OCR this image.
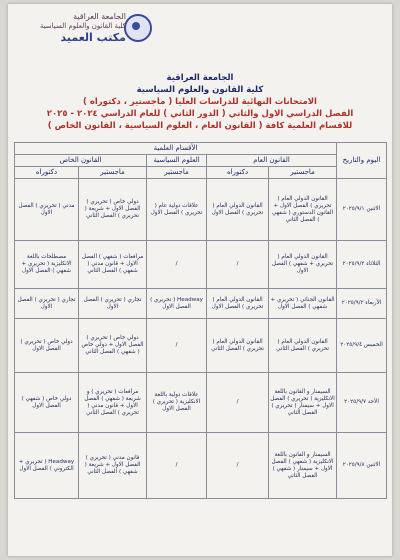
الجامعة العراقية
كلية القانون والعلوم السياسية
مكتب العميد
الجامعة العراقية
كلية القانون والعلوم السياسية
الامتحانات النهائية للدراسات العليا ( ماجستير ، دكتوراه )
الفصل الدراسي الاول والثاني ( الدور الثاني ) للعام الدراسي ٢٠٢٤ - ٢٠٢٥
للاقسام العلمية كافة ( القانون العام ، العلوم السياسية ، القانون الخاص )
اليوم والتاريخ	الأقسام العلمية				
	القانون العام		العلوم السياسية	القانون الخاص	
	ماجستير	دكتوراه	ماجستير	ماجستير	دكتوراه
الاثنين ٢٠٢٥/٩/١	القانون الدولي العام ( تحريري ) الفصل الاول + القانون الدستوري ( شفهي ) الفصل الثاني	القانون الدولي العام ( تحريري ) الفصل الاول	علاقات دولية عام ( تحريري ) الفصل الاول	دولي خاص ( تحريري ) الفصل الاول + شريعة ( تحريري ) الفصل الثاني	مدني ( تحريري ) الفصل الاول
الثلاثاء ٢٠٢٥/٩/٢	القانون الدولي العام ( تحريري + شفهي ) الفصل الاول	/	/	مرافعات ( شفهي ) الفصل الاول + قانون مدني ( شفهي ) الفصل الثاني	مصطلحات باللغة الانكليزية ( تحريري + شفهي ) الفصل الاول
الأربعاء ٢٠٢٥/٩/٣	القانون الجنائي ( تحريري + شفهي ) الفصل الاول	القانون الدولي العام ( تحريري ) الفصل الاول	Headway ( تحريري ) الفصل الاول	تجاري ( تحريري ) الفصل الاول	تجاري ( تحريري ) الفصل الاول
الخميس ٢٠٢٥/٩/٤	القانون الدولي العام ( تحريري ) الفصل الثاني	القانون الدولي العام ( تحريري ) الفصل الثاني	/	دولي خاص ( تحريري ) الفصل الاول + دولي خاص ( شفهي ) الفصل الثاني	دولي خاص ( تحريري ) الفصل الاول
الأحد ٢٠٢٥/٩/٧	السيمنار و القانون باللغة الانكليزية ( تحريري ) الفصل الاول + سيمنار ( تحريري ) الفصل الثاني	/	علاقات دولية باللغة الانكليزية ( تحريري ) الفصل الاول	مرافعات ( تحريري ) و شريعة ( شفهي ) الفصل الاول + قانون مدني ( تحريري ) الفصل الثاني	دولي خاص ( شفهي ) الفصل الاول
الاثنين ٢٠٢٥/٩/٨	السيمنار و القانون باللغة الانكليزية ( شفهي ) الفصل الاول + سيمنار ( شفهي ) الفصل الثاني	/	/	قانون مدني ( تحريري ) الفصل الاول + شريعة ( شفهي ) الفصل الثاني	Headway ( تحريري + الكتروني ) الفصل الاول
